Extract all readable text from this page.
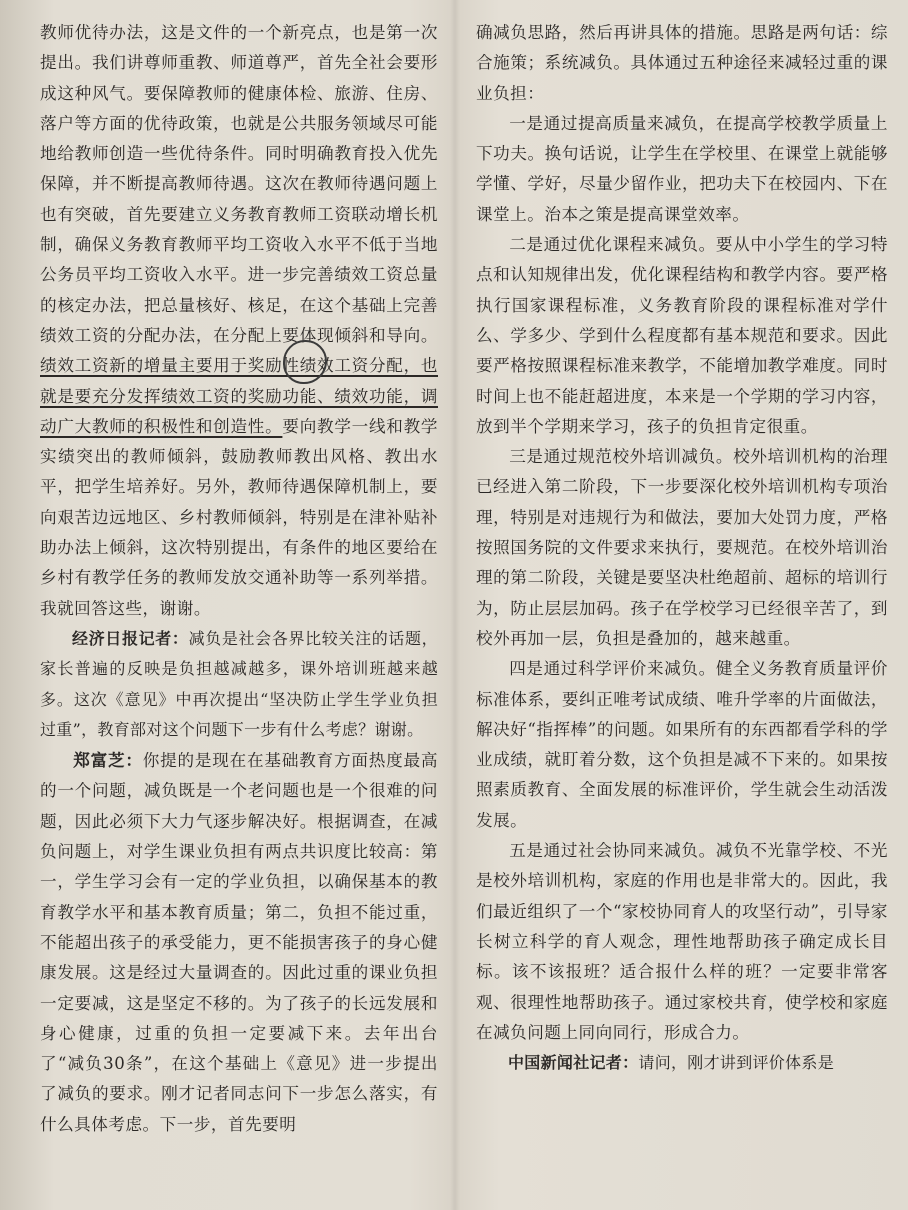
教师优待办法，这是文件的一个新亮点，也是第一次提出。我们讲尊师重教、师道尊严，首先全社会要形成这种风气。要保障教师的健康体检、旅游、住房、落户等方面的优待政策，也就是公共服务领域尽可能地给教师创造一些优待条件。同时明确教育投入优先保障，并不断提高教师待遇。这次在教师待遇问题上也有突破，首先要建立义务教育教师工资联动增长机制，确保义务教育教师平均工资收入水平不低于当地公务员平均工资收入水平。进一步完善绩效工资总量的核定办法，把总量核好、核足，在这个基础上完善绩效工资的分配办法，在分配上要体现倾斜和导向。绩效工资新的增量主要用于奖励性绩效工资分配，也就是要充分发挥绩效工资的奖励功能、绩效功能，调动广大教师的积极性和创造性。要向教学一线和教学实绩突出的教师倾斜，鼓励教师教出风格、教出水平，把学生培养好。另外，教师待遇保障机制上，要向艰苦边远地区、乡村教师倾斜，特别是在津补贴补助办法上倾斜，这次特别提出，有条件的地区要给在乡村有教学任务的教师发放交通补助等一系列举措。我就回答这些，谢谢。

经济日报记者：减负是社会各界比较关注的话题，家长普遍的反映是负担越减越多，课外培训班越来越多。这次《意见》中再次提出“坚决防止学生学业负担过重”，教育部对这个问题下一步有什么考虑？谢谢。

郑富芝：你提的是现在在基础教育方面热度最高的一个问题，减负既是一个老问题也是一个很难的问题，因此必须下大力气逐步解决好。根据调查，在减负问题上，对学生课业负担有两点共识度比较高：第一，学生学习会有一定的学业负担，以确保基本的教育教学水平和基本教育质量；第二，负担不能过重，不能超出孩子的承受能力，更不能损害孩子的身心健康发展。这是经过大量调查的。因此过重的课业负担一定要减，这是坚定不移的。为了孩子的长远发展和身心健康，过重的负担一定要减下来。去年出台了“减负30条”，在这个基础上《意见》进一步提出了减负的要求。刚才记者同志问下一步怎么落实，有什么具体考虑。下一步，首先要明

确减负思路，然后再讲具体的措施。思路是两句话：综合施策；系统减负。具体通过五种途径来减轻过重的课业负担：

一是通过提高质量来减负，在提高学校教学质量上下功夫。换句话说，让学生在学校里、在课堂上就能够学懂、学好，尽量少留作业，把功夫下在校园内、下在课堂上。治本之策是提高课堂效率。

二是通过优化课程来减负。要从中小学生的学习特点和认知规律出发，优化课程结构和教学内容。要严格执行国家课程标准，义务教育阶段的课程标准对学什么、学多少、学到什么程度都有基本规范和要求。因此要严格按照课程标准来教学，不能增加教学难度。同时时间上也不能赶超进度，本来是一个学期的学习内容，放到半个学期来学习，孩子的负担肯定很重。

三是通过规范校外培训减负。校外培训机构的治理已经进入第二阶段，下一步要深化校外培训机构专项治理，特别是对违规行为和做法，要加大处罚力度，严格按照国务院的文件要求来执行，要规范。在校外培训治理的第二阶段，关键是要坚决杜绝超前、超标的培训行为，防止层层加码。孩子在学校学习已经很辛苦了，到校外再加一层，负担是叠加的，越来越重。

四是通过科学评价来减负。健全义务教育质量评价标准体系，要纠正唯考试成绩、唯升学率的片面做法，解决好“指挥棒”的问题。如果所有的东西都看学科的学业成绩，就盯着分数，这个负担是减不下来的。如果按照素质教育、全面发展的标准评价，学生就会生动活泼发展。

五是通过社会协同来减负。减负不光靠学校、不光是校外培训机构，家庭的作用也是非常大的。因此，我们最近组织了一个“家校协同育人的攻坚行动”，引导家长树立科学的育人观念，理性地帮助孩子确定成长目标。该不该报班？适合报什么样的班？一定要非常客观、很理性地帮助孩子。通过家校共育，使学校和家庭在减负问题上同向同行，形成合力。

中国新闻社记者：请问，刚才讲到评价体系是
